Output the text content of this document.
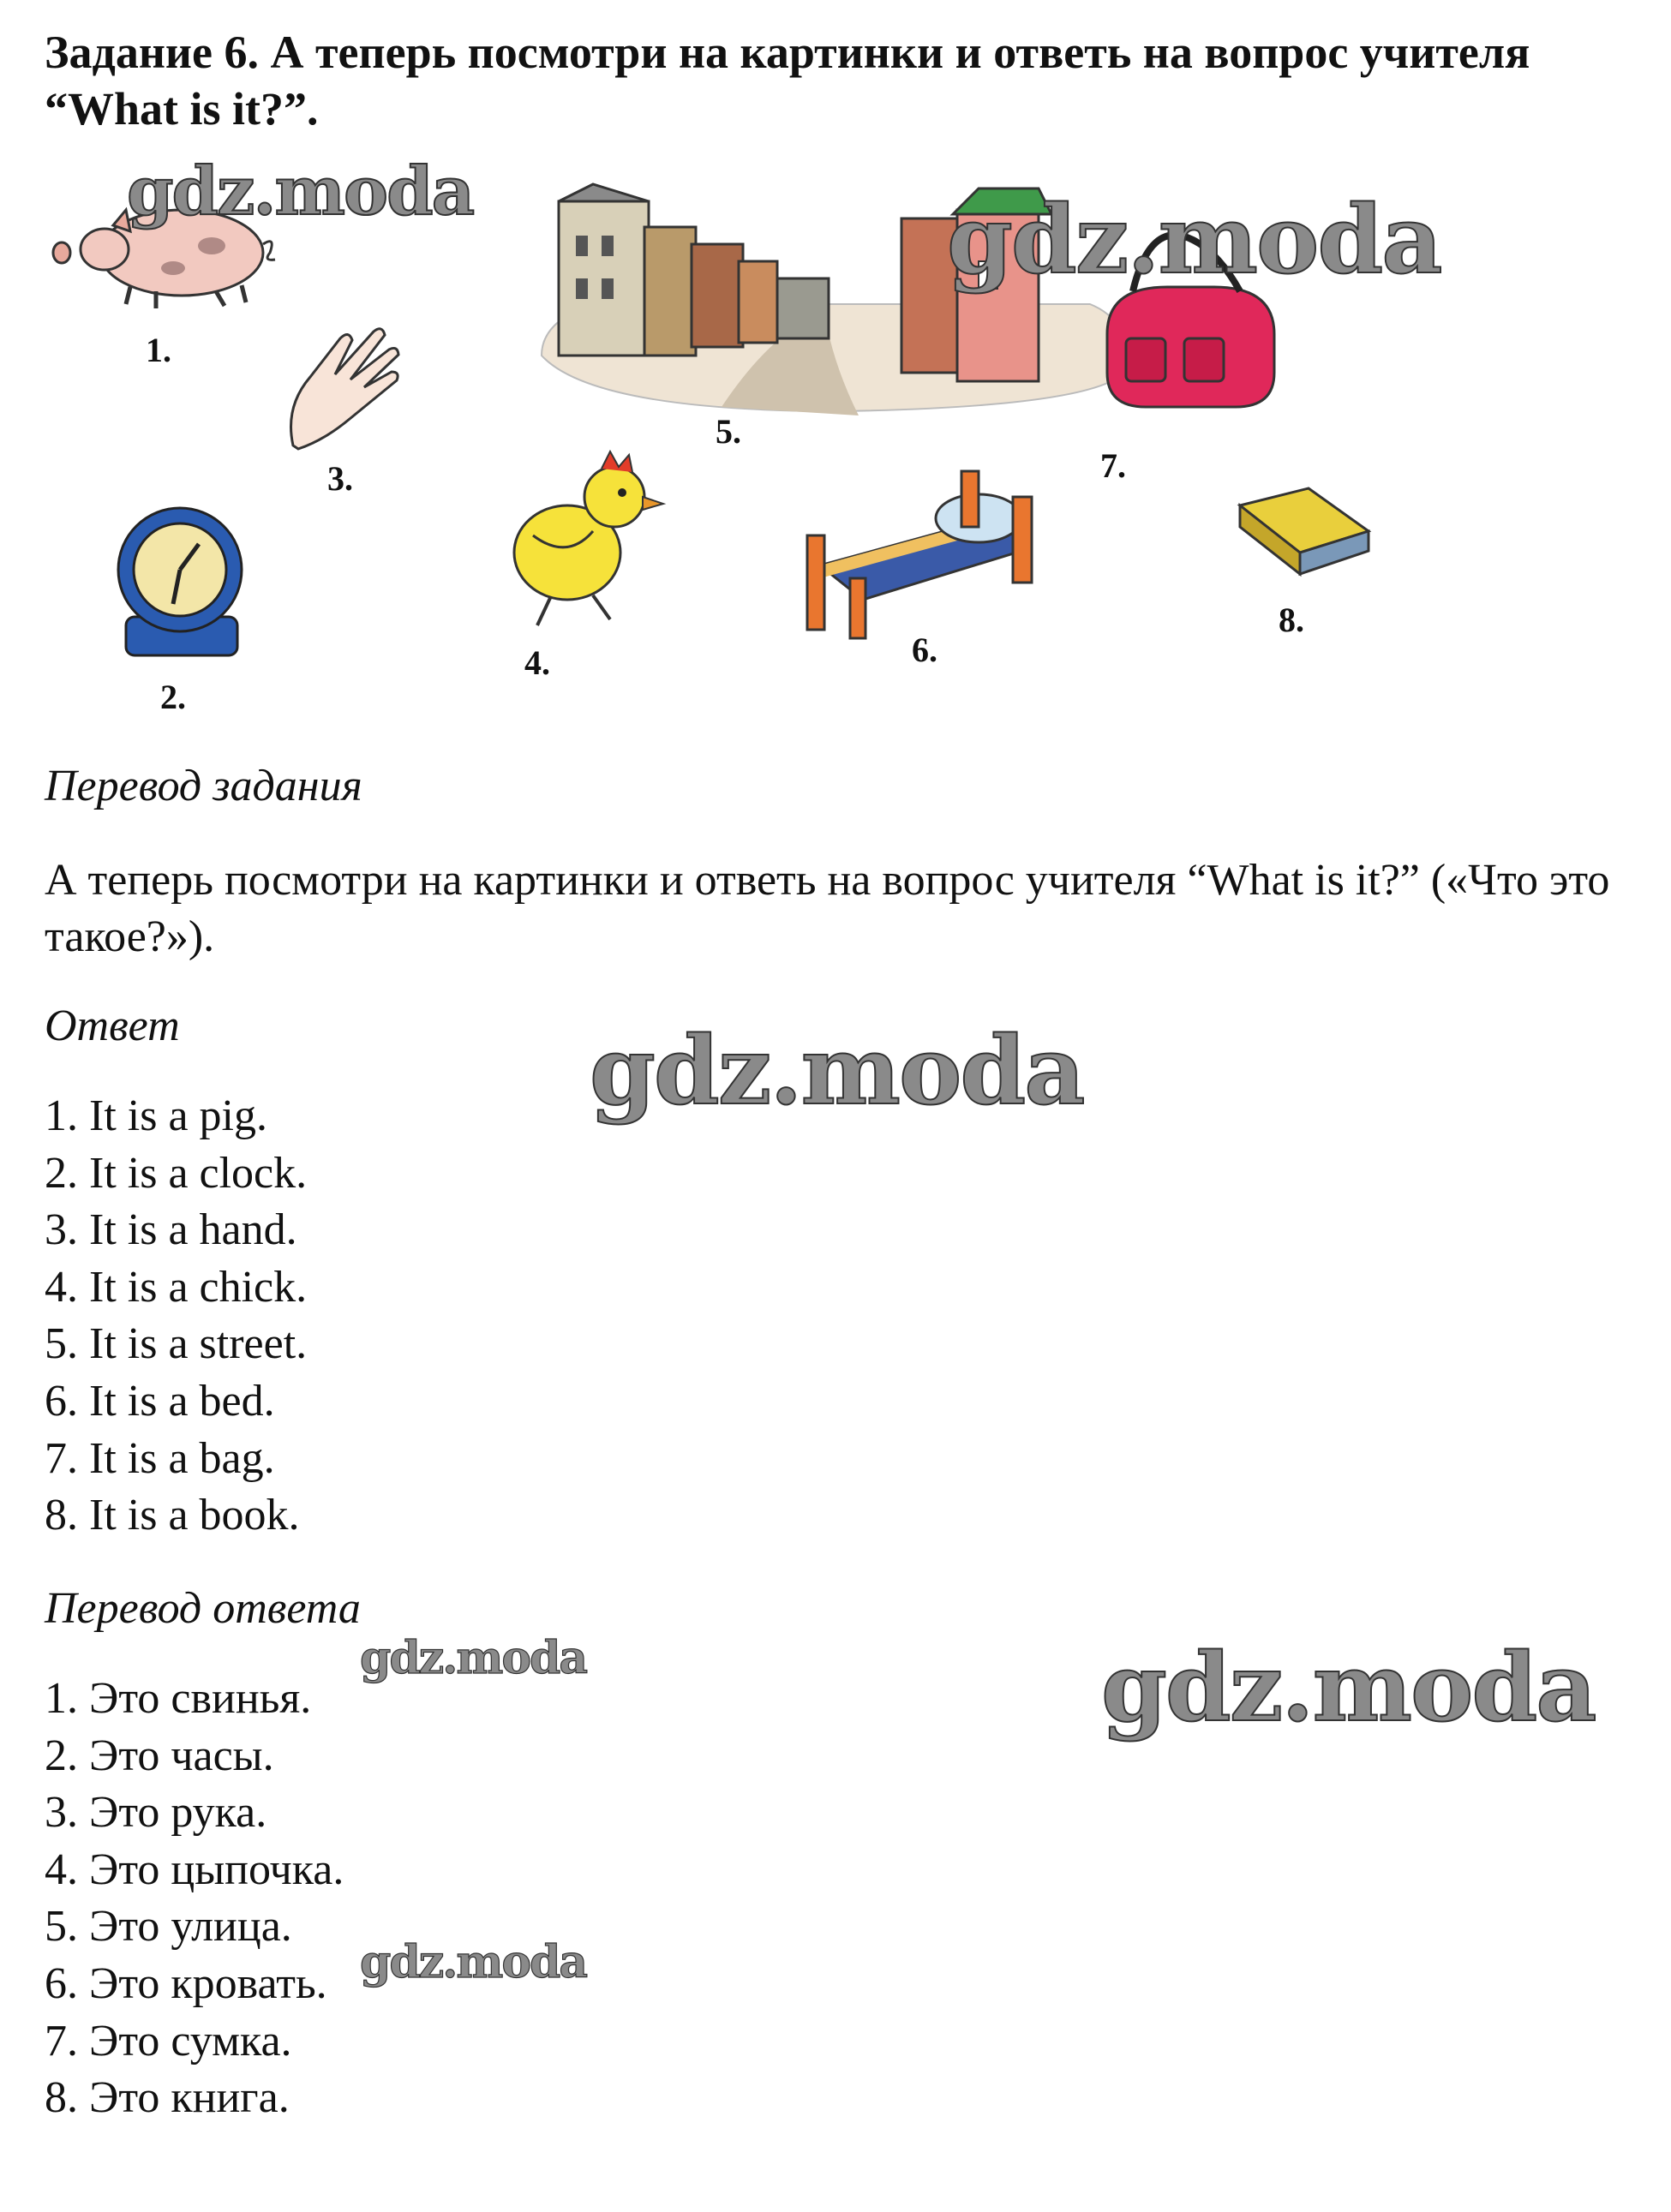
Задание 6. А теперь посмотри на картинки и ответь на вопрос учителя “What is it?”.
1.
2.
3.
4.
5.
6.
7.
8.

Перевод задания

А теперь посмотри на картинки и ответь на вопрос учителя “What is it?” («Что это такое?»).

Ответ

1. It is a pig.
2. It is a clock.
3. It is a hand.
4. It is a chick.
5. It is a street.
6. It is a bed.
7. It is a bag.
8. It is a book.

Перевод ответа

1. Это свинья.
2. Это часы.
3. Это рука.
4. Это цыпочка.
5. Это улица.
6. Это кровать.
7. Это сумка.
8. Это книга.
gdz.moda	gdz.moda
gdz.moda
gdz.moda	gdz.moda
gdz.moda
